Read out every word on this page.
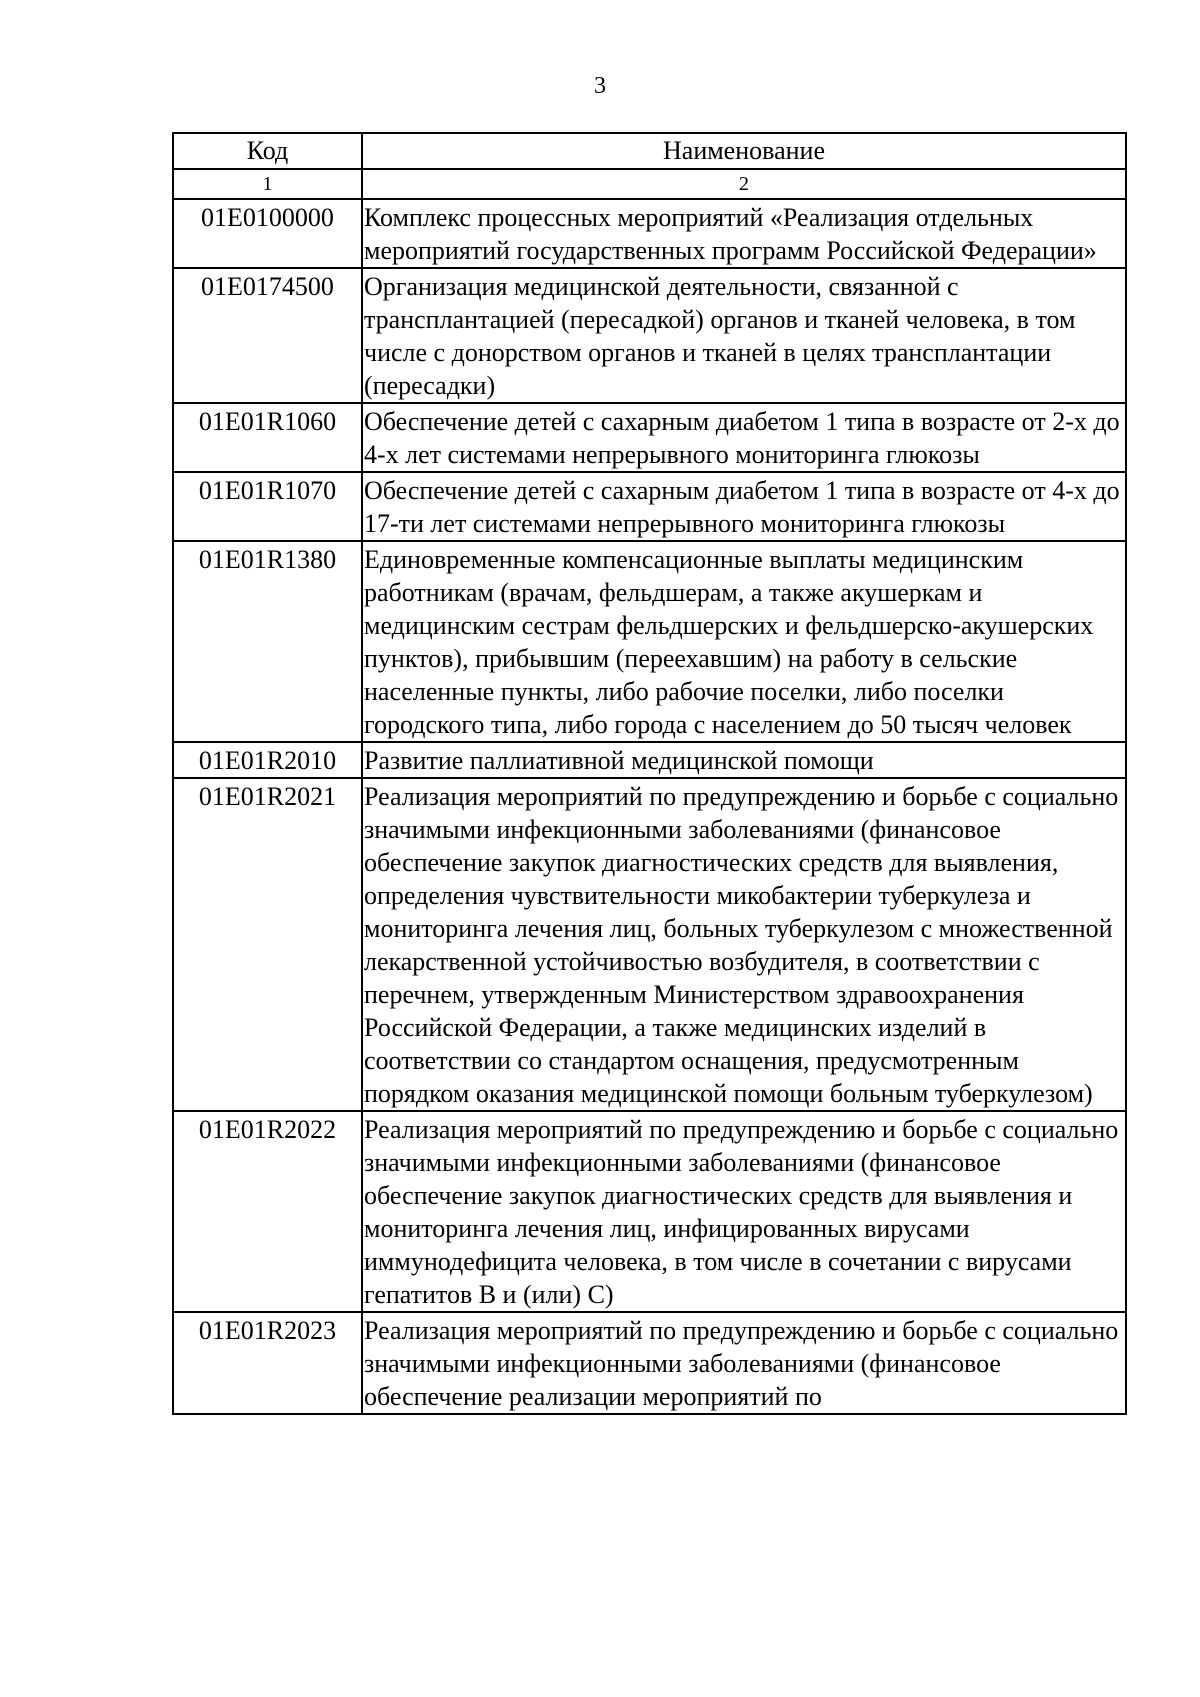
3
Код	Наименование
1	2
01Е0100000	Комплекс процессных мероприятий «Реализация отдельных мероприятий государственных программ Российской Федерации»
01Е0174500	Организация медицинской деятельности, связанной с трансплантацией (пересадкой) органов и тканей человека, в том числе с донорством органов и тканей в целях трансплантации (пересадки)
01Е01R1060	Обеспечение детей с сахарным диабетом 1 типа в возрасте от 2-х до 4-х лет системами непрерывного мониторинга глюкозы
01Е01R1070	Обеспечение детей с сахарным диабетом 1 типа в возрасте от 4-х до 17-ти лет системами непрерывного мониторинга глюкозы
01Е01R1380	Единовременные компенсационные выплаты медицинским работникам (врачам, фельдшерам, а также акушеркам и медицинским сестрам фельдшерских и фельдшерско-акушерских пунктов), прибывшим (переехавшим) на работу в сельские населенные пункты, либо рабочие поселки, либо поселки городского типа, либо города с населением до 50 тысяч человек
01Е01R2010	Развитие паллиативной медицинской помощи
01Е01R2021	Реализация мероприятий по предупреждению и борьбе с социально значимыми инфекционными заболеваниями (финансовое обеспечение закупок диагностических средств для выявления, определения чувствительности микобактерии туберкулеза и мониторинга лечения лиц, больных туберкулезом с множественной лекарственной устойчивостью возбудителя, в соответствии с перечнем, утвержденным Министерством здравоохранения Российской Федерации, а также медицинских изделий в соответствии со стандартом оснащения, предусмотренным порядком оказания медицинской помощи больным туберкулезом)
01Е01R2022	Реализация мероприятий по предупреждению и борьбе с социально значимыми инфекционными заболеваниями (финансовое обеспечение закупок диагностических средств для выявления и мониторинга лечения лиц, инфицированных вирусами иммунодефицита человека, в том числе в сочетании с вирусами гепатитов В и (или) С)
01Е01R2023	Реализация мероприятий по предупреждению и борьбе с социально значимыми инфекционными заболеваниями (финансовое обеспечение реализации мероприятий по
